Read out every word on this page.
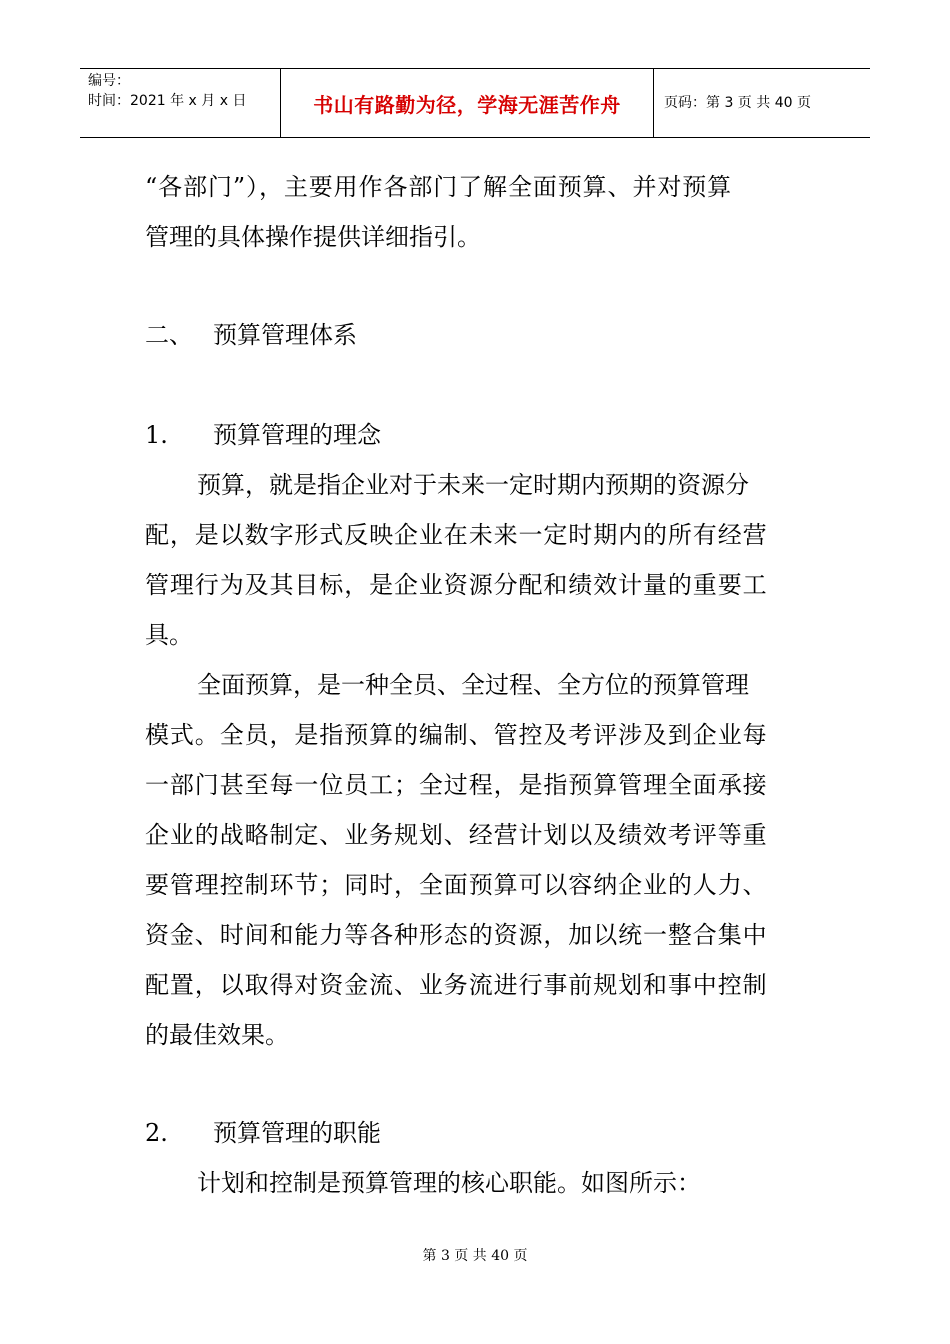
编号：
时间：2021 年 x 月 x 日	书山有路勤为径，学海无涯苦作舟	页码：第 3 页 共 40 页
“各部门”），主要用作各部门了解全面预算、并对预算
管理的具体操作提供详细指引。
二、 预算管理体系
1. 预算管理的理念
预算，就是指企业对于未来一定时期内预期的资源分
配，是以数字形式反映企业在未来一定时期内的所有经营
管理行为及其目标，是企业资源分配和绩效计量的重要工
具。
全面预算，是一种全员、全过程、全方位的预算管理
模式。全员，是指预算的编制、管控及考评涉及到企业每
一部门甚至每一位员工；全过程，是指预算管理全面承接
企业的战略制定、业务规划、经营计划以及绩效考评等重
要管理控制环节；同时，全面预算可以容纳企业的人力、
资金、时间和能力等各种形态的资源，加以统一整合集中
配置，以取得对资金流、业务流进行事前规划和事中控制
的最佳效果。
2. 预算管理的职能
计划和控制是预算管理的核心职能。如图所示：
第 3 页 共 40 页
